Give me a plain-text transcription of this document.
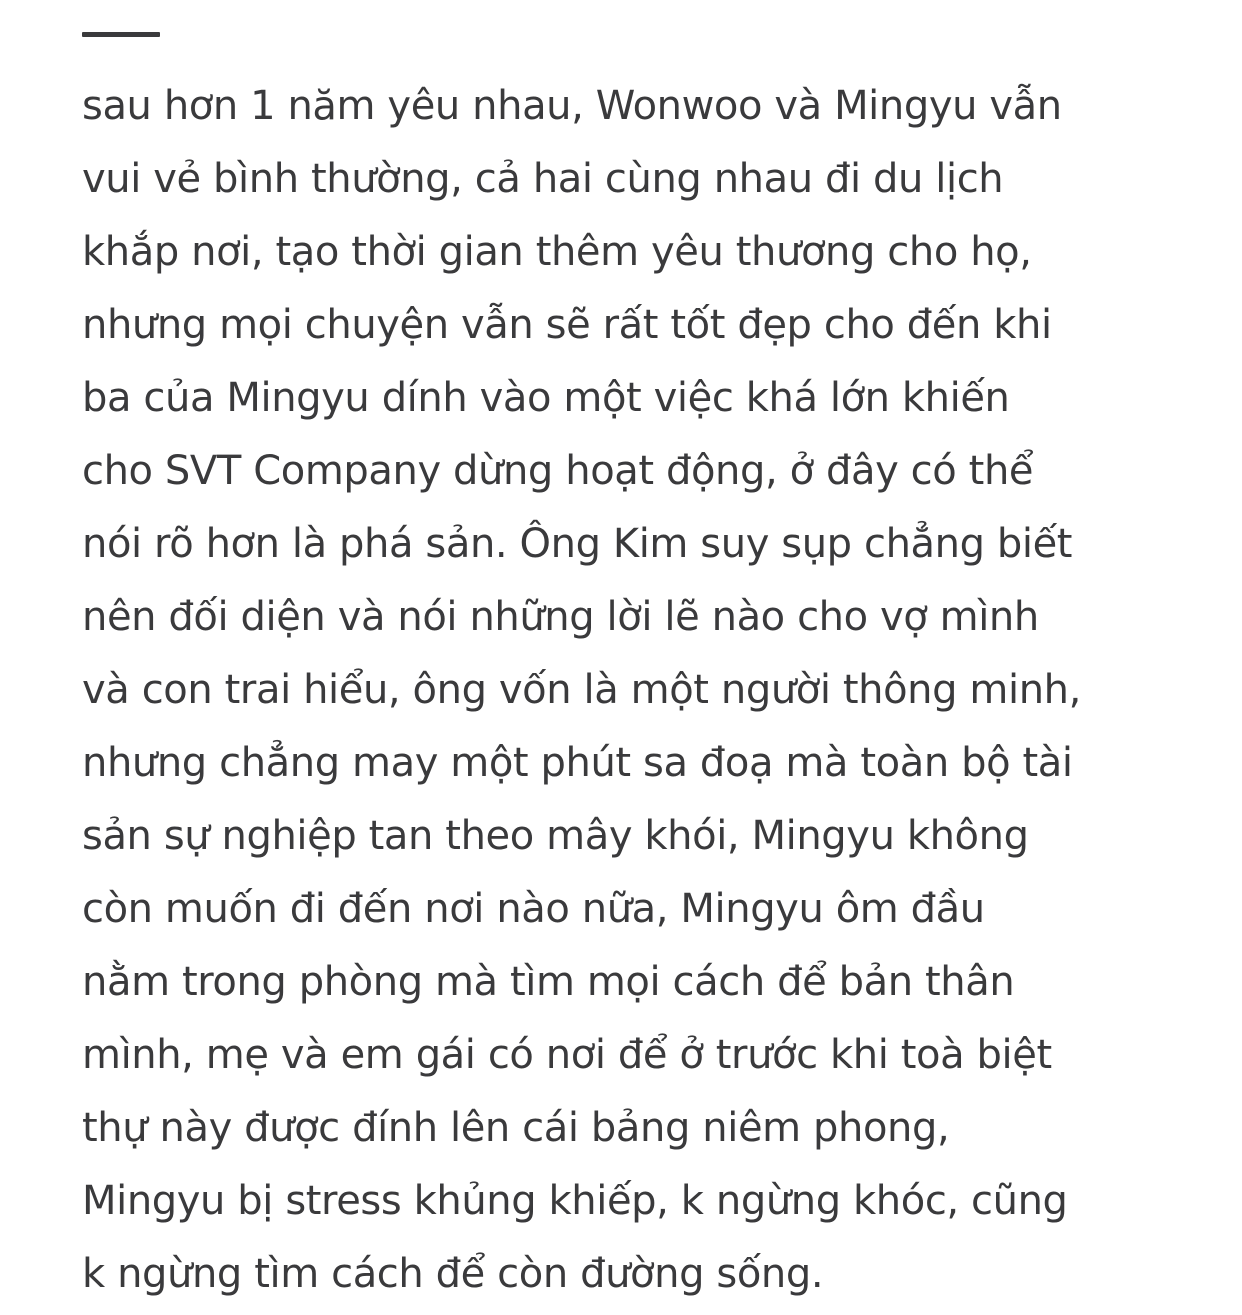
sau hơn 1 năm yêu nhau, Wonwoo và Mingyu vẫn
vui vẻ bình thường, cả hai cùng nhau đi du lịch
khắp nơi, tạo thời gian thêm yêu thương cho họ,
nhưng mọi chuyện vẫn sẽ rất tốt đẹp cho đến khi
ba của Mingyu dính vào một việc khá lớn khiến
cho SVT Company dừng hoạt động, ở đây có thể
nói rõ hơn là phá sản. Ông Kim suy sụp chẳng biết
nên đối diện và nói những lời lẽ nào cho vợ mình
và con trai hiểu, ông vốn là một người thông minh,
nhưng chẳng may một phút sa đoạ mà toàn bộ tài
sản sự nghiệp tan theo mây khói, Mingyu không
còn muốn đi đến nơi nào nữa, Mingyu ôm đầu
nằm trong phòng mà tìm mọi cách để bản thân
mình, mẹ và em gái có nơi để ở trước khi toà biệt
thự này được đính lên cái bảng niêm phong,
Mingyu bị stress khủng khiếp, k ngừng khóc, cũng
k ngừng tìm cách để còn đường sống.
